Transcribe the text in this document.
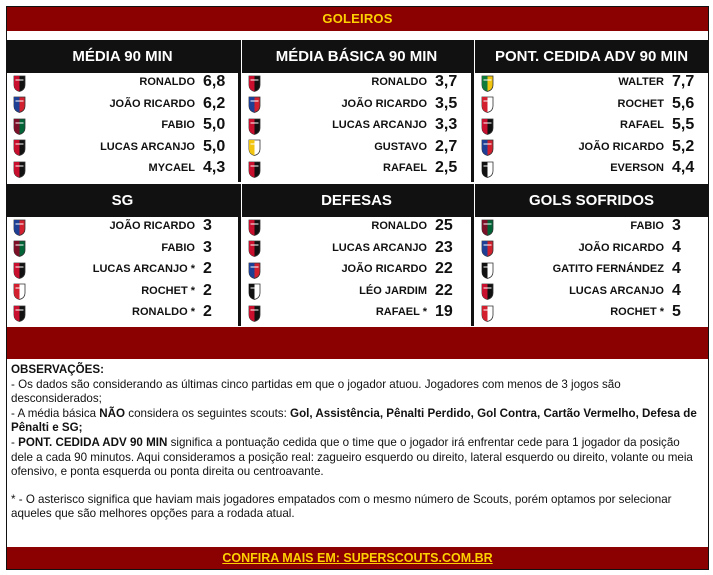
GOLEIROS
MÉDIA 90 MIN
RONALDO 6,8
JOÃO RICARDO 6,2
FABIO 5,0
LUCAS ARCANJO 5,0
MYCAEL 4,3
MÉDIA BÁSICA 90 MIN
RONALDO 3,7
JOÃO RICARDO 3,5
LUCAS ARCANJO 3,3
GUSTAVO 2,7
RAFAEL 2,5
PONT. CEDIDA ADV 90 MIN
WALTER 7,7
ROCHET 5,6
RAFAEL 5,5
JOÃO RICARDO 5,2
EVERSON 4,4
SG
JOÃO RICARDO 3
FABIO 3
LUCAS ARCANJO * 2
ROCHET * 2
RONALDO * 2
DEFESAS
RONALDO 25
LUCAS ARCANJO 23
JOÃO RICARDO 22
LÉO JARDIM 22
RAFAEL * 19
GOLS SOFRIDOS
FABIO 3
JOÃO RICARDO 4
GATITO FERNÁNDEZ 4
LUCAS ARCANJO 4
ROCHET * 5

OBSERVAÇÕES:

- Os dados são considerando as últimas cinco partidas em que o jogador atuou. Jogadores com menos de 3 jogos são desconsiderados;

- A média básica NÃO considera os seguintes scouts: Gol, Assistência, Pênalti Perdido, Gol Contra, Cartão Vermelho, Defesa de Pênalti e SG;

- PONT. CEDIDA ADV 90 MIN significa a pontuação cedida que o time que o jogador irá enfrentar cede para 1 jogador da posição dele a cada 90 minutos. Aqui consideramos a posição real: zagueiro esquerdo ou direito, lateral esquerdo ou direito, volante ou meia ofensivo, e ponta esquerda ou ponta direita ou centroavante.

* - O asterisco significa que haviam mais jogadores empatados com o mesmo número de Scouts, porém optamos por selecionar aqueles que são melhores opções para a rodada atual.

CONFIRA MAIS EM: SUPERSCOUTS.COM.BR
